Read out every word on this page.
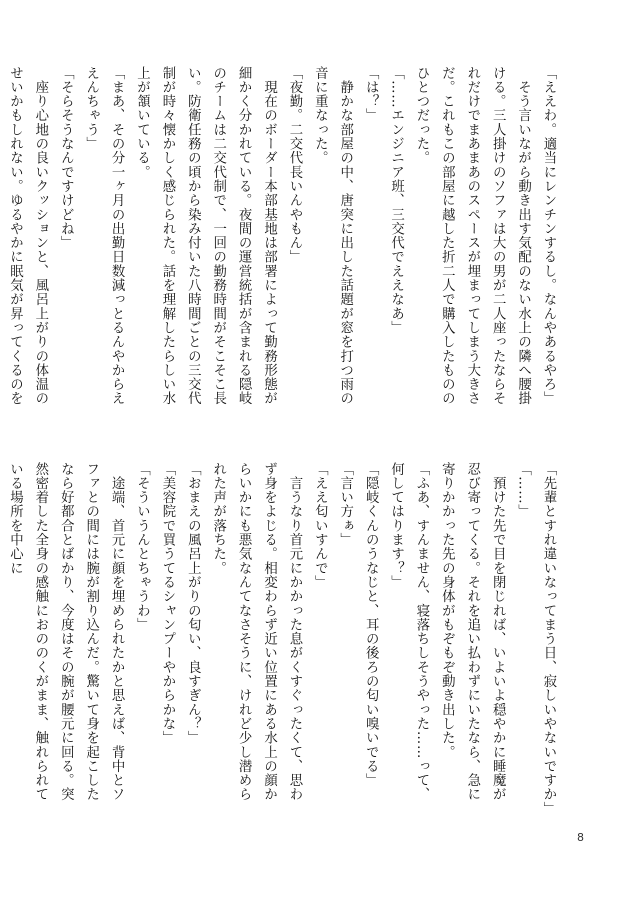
「ええわ。適当にレンチンするし。なんやあるやろ」

　そう言いながら動き出す気配のない水上の隣へ腰掛ける。三人掛けのソファは大の男が二人座ったならそれだけでまあまあのスペースが埋まってしまう大きさだ。これもこの部屋に越した折二人で購入したもののひとつだった。

「……エンジニア班、三交代でええなあ」

「は？」

　静かな部屋の中、唐突に出した話題が窓を打つ雨の音に重なった。

「夜勤。二交代長いんやもん」

　現在のボーダー本部基地は部署によって勤務形態が細かく分かれている。夜間の運営統括が含まれる隠岐のチームは二交代制で、一回の勤務時間がそこそこ長い。防衛任務の頃から染み付いた八時間ごとの三交代制が時々懐かしく感じられた。話を理解したらしい水上が頷いている。

「まあ、その分一ヶ月の出勤日数減っとるんやからええんちゃう」

「そらそうなんですけどね」

　座り心地の良いクッションと、風呂上がりの体温のせいかもしれない。ゆるやかに眠気が昇ってくるのを

「先輩とすれ違いなってまう日、寂しいやないですか」

「……」

　預けた先で目を閉じれば、いよいよ穏やかに睡魔が忍び寄ってくる。それを追い払わずにいたなら、急に寄りかかった先の身体がもぞもぞ動き出した。

「ふあ、すんません、寝落ちしそうやった……って、何してはります？」

「隠岐くんのうなじと、耳の後ろの匂い嗅いでる」

「言い方ぁ」

「ええ匂いすんで」

　言うなり首元にかかった息がくすぐったくて、思わず身をよじる。相変わらず近い位置にある水上の顔からいかにも悪気なんてなさそうに、けれど少し潜められた声が落ちた。

「おまえの風呂上がりの匂い、良すぎん？」

「美容院で買うてるシャンプーやからかな」

「そういうんとちゃうわ」

　途端、首元に顔を埋められたかと思えば、背中とソファとの間には腕が割り込んだ。驚いて身を起こしたなら好都合とばかり、今度はその腕が腰元に回る。突然密着した全身の感触におののくがまま、触れられている場所を中心に

8
